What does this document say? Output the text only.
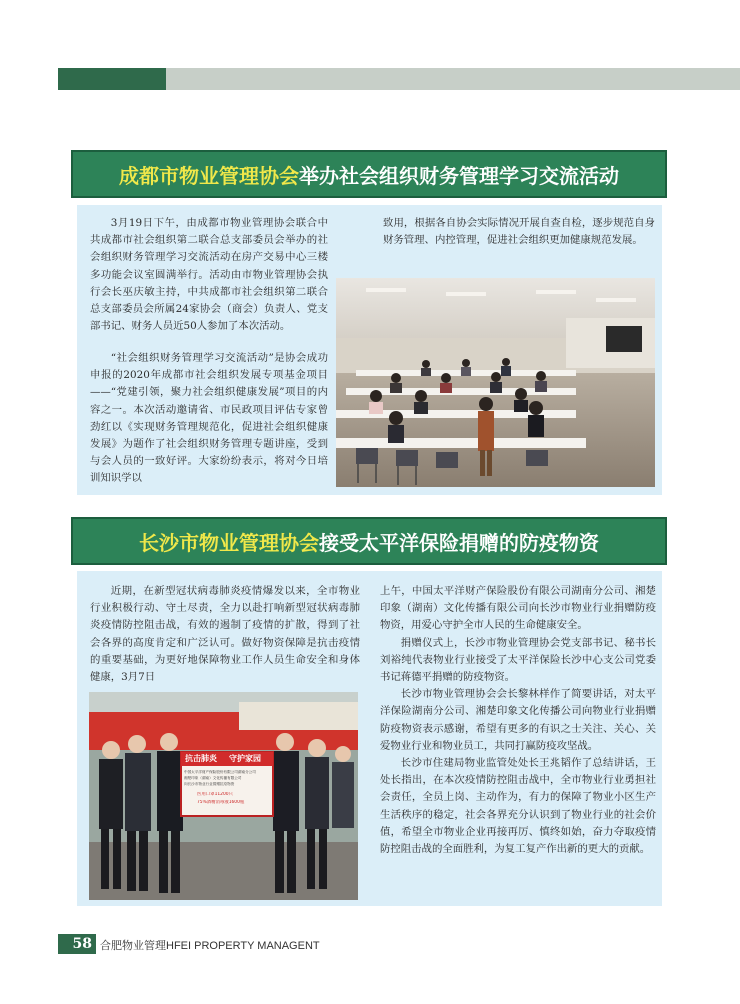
友好协会	Friendship Association
成都市物业管理协会 举办社会组织财务管理学习交流活动

3月19日下午，由成都市物业管理协会联合中共成都市社会组织第二联合总支部委员会举办的社会组织财务管理学习交流活动在房产交易中心三楼多功能会议室圆满举行。活动由市物业管理协会执行会长巫庆敏主持，中共成都市社会组织第二联合总支部委员会所属24家协会（商会）负责人、党支部书记、财务人员近50人参加了本次活动。

“社会组织财务管理学习交流活动”是协会成功申报的2020年成都市社会组织发展专项基金项目——“党建引领，聚力社会组织健康发展”项目的内容之一。本次活动邀请省、市民政项目评估专家曾劲红以《实现财务管理规范化，促进社会组织健康发展》为题作了社会组织财务管理专题讲座，受到与会人员的一致好评。大家纷纷表示，将对今日培训知识学以

致用，根据各自协会实际情况开展自查自检，逐步规范自身财务管理、内控管理，促进社会组织更加健康规范发展。

长沙市物业管理协会 接受太平洋保险捐赠的防疫物资

近期，在新型冠状病毒肺炎疫情爆发以来，全市物业行业积极行动、守土尽责，全力以赴打响新型冠状病毒肺炎疫情防控阻击战，有效的遏制了疫情的扩散，得到了社会各界的高度肯定和广泛认可。做好物资保障是抗击疫情的重要基础，为更好地保障物业工作人员生命安全和身体健康，3月7日

上午，中国太平洋财产保险股份有限公司湖南分公司、湘楚印象（湖南）文化传播有限公司向长沙市物业行业捐赠防疫物资，用爱心守护全市人民的生命健康安全。

捐赠仪式上，长沙市物业管理协会党支部书记、秘书长刘裕纯代表物业行业接受了太平洋保险长沙中心支公司党委书记蒋德平捐赠的防疫物资。

长沙市物业管理协会会长黎林样作了简要讲话，对太平洋保险湖南分公司、湘楚印象文化传播公司向物业行业捐赠防疫物资表示感谢，希望有更多的有识之士关注、关心、关爱物业行业和物业员工，共同打赢防疫攻坚战。

长沙市住建局物业监管处处长王兆韬作了总结讲话，王处长指出，在本次疫情防控阻击战中，全市物业行业勇担社会责任，全员上岗、主动作为，有力的保障了物业小区生产生活秩序的稳定，社会各界充分认识到了物业行业的社会价值，希望全市物业企业再接再厉、慎终如始，奋力夺取疫情防控阻击战的全面胜利，为复工复产作出新的更大的贡献。

抗击肺炎 守护家园
中国太平洋财产保险股份有限公司湖南分公司
湘楚印象（湖南）文化传播有限公司
向长沙市物业行业捐赠抗疫物资
医用口罩11200只
75%酒精消毒液1600瓶
58 合肥物业管理HFEI PROPERTY MANAGENT
